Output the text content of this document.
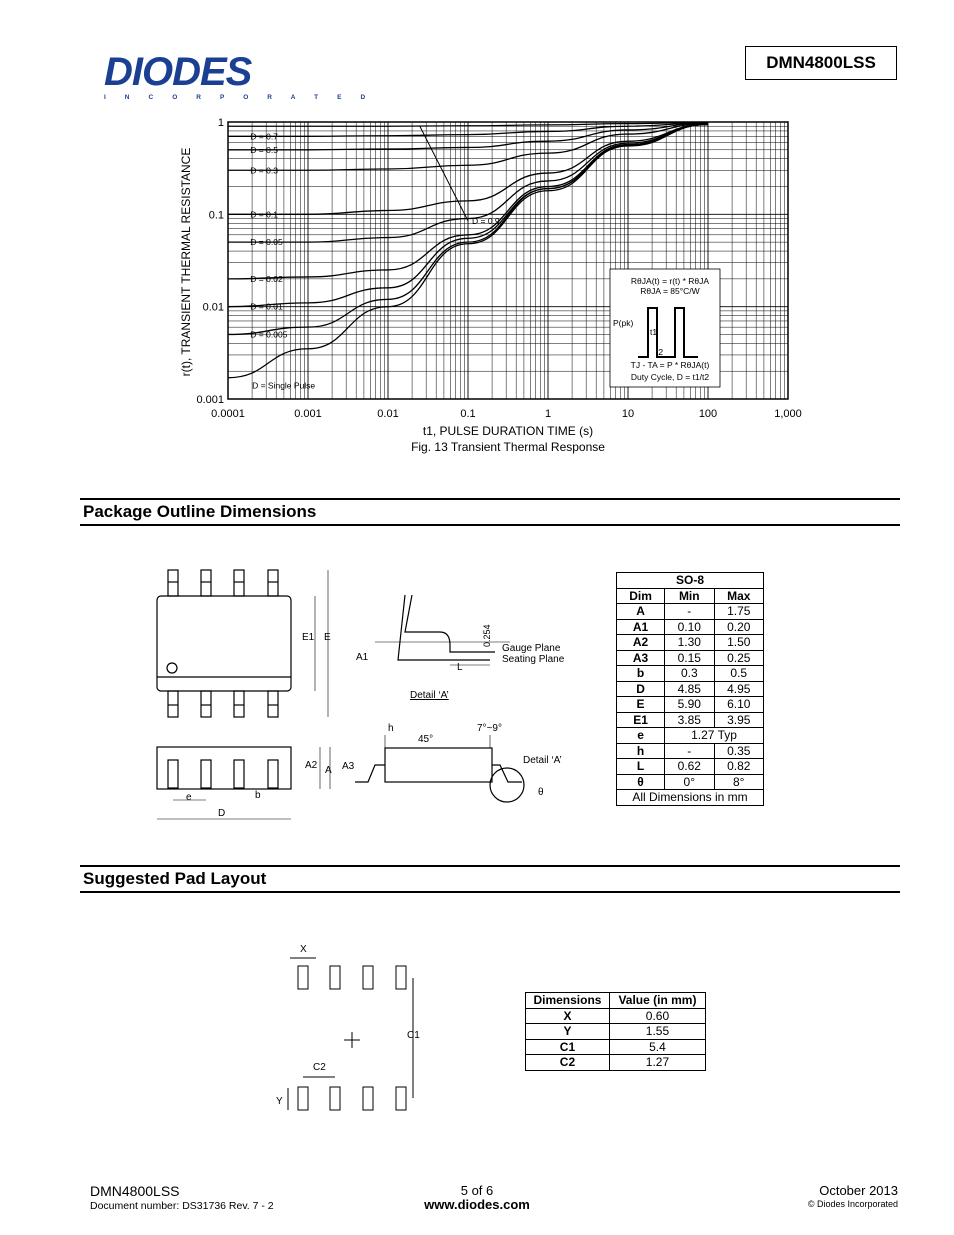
DIODES
I N C O R P O R A T E D
DMN4800LSS
D = 0.9
D = 0.7
D = 0.5
D = 0.3
D = 0.1
D = 0.05
D = 0.02
D = 0.01
D = 0.005
D = Single Pulse
0.0001	0.001	0.01	0.1	1	10	100	1,000
1
0.1
0.01
0.001
t1, PULSE DURATION TIME (s)
Fig. 13 Transient Thermal Response
r(t), TRANSIENT THERMAL RESISTANCE	RθJA(t) = r(t) * RθJA
RθJA = 85°C/W
P(pk)
t1
t2
TJ - TA = P * RθJA(t)
Duty Cycle, D = t1/t2
Package Outline Dimensions
E1 E
A1
L
0.254
Gauge Plane
Seating Plane
Detail ‘A’
A2 A
e	b
D
h
45°
7°~9°
A3
Detail ‘A’
θ
SO-8		
Dim	Min	Max
A	-	1.75
A1	0.10	0.20
A2	1.30	1.50
A3	0.15	0.25
b	0.3	0.5
D	4.85	4.95
E	5.90	6.10
E1	3.85	3.95
e	1.27 Typ	
h	-	0.35
L	0.62	0.82
θ	0°	8°
All Dimensions in mm		
Suggested Pad Layout
X
C1
C2
Y
Dimensions	Value (in mm)
X	0.60
Y	1.55
C1	5.4
C2	1.27
DMN4800LSS
Document number: DS31736 Rev. 7 - 2
5 of 6
www.diodes.com
October 2013
© Diodes Incorporated
